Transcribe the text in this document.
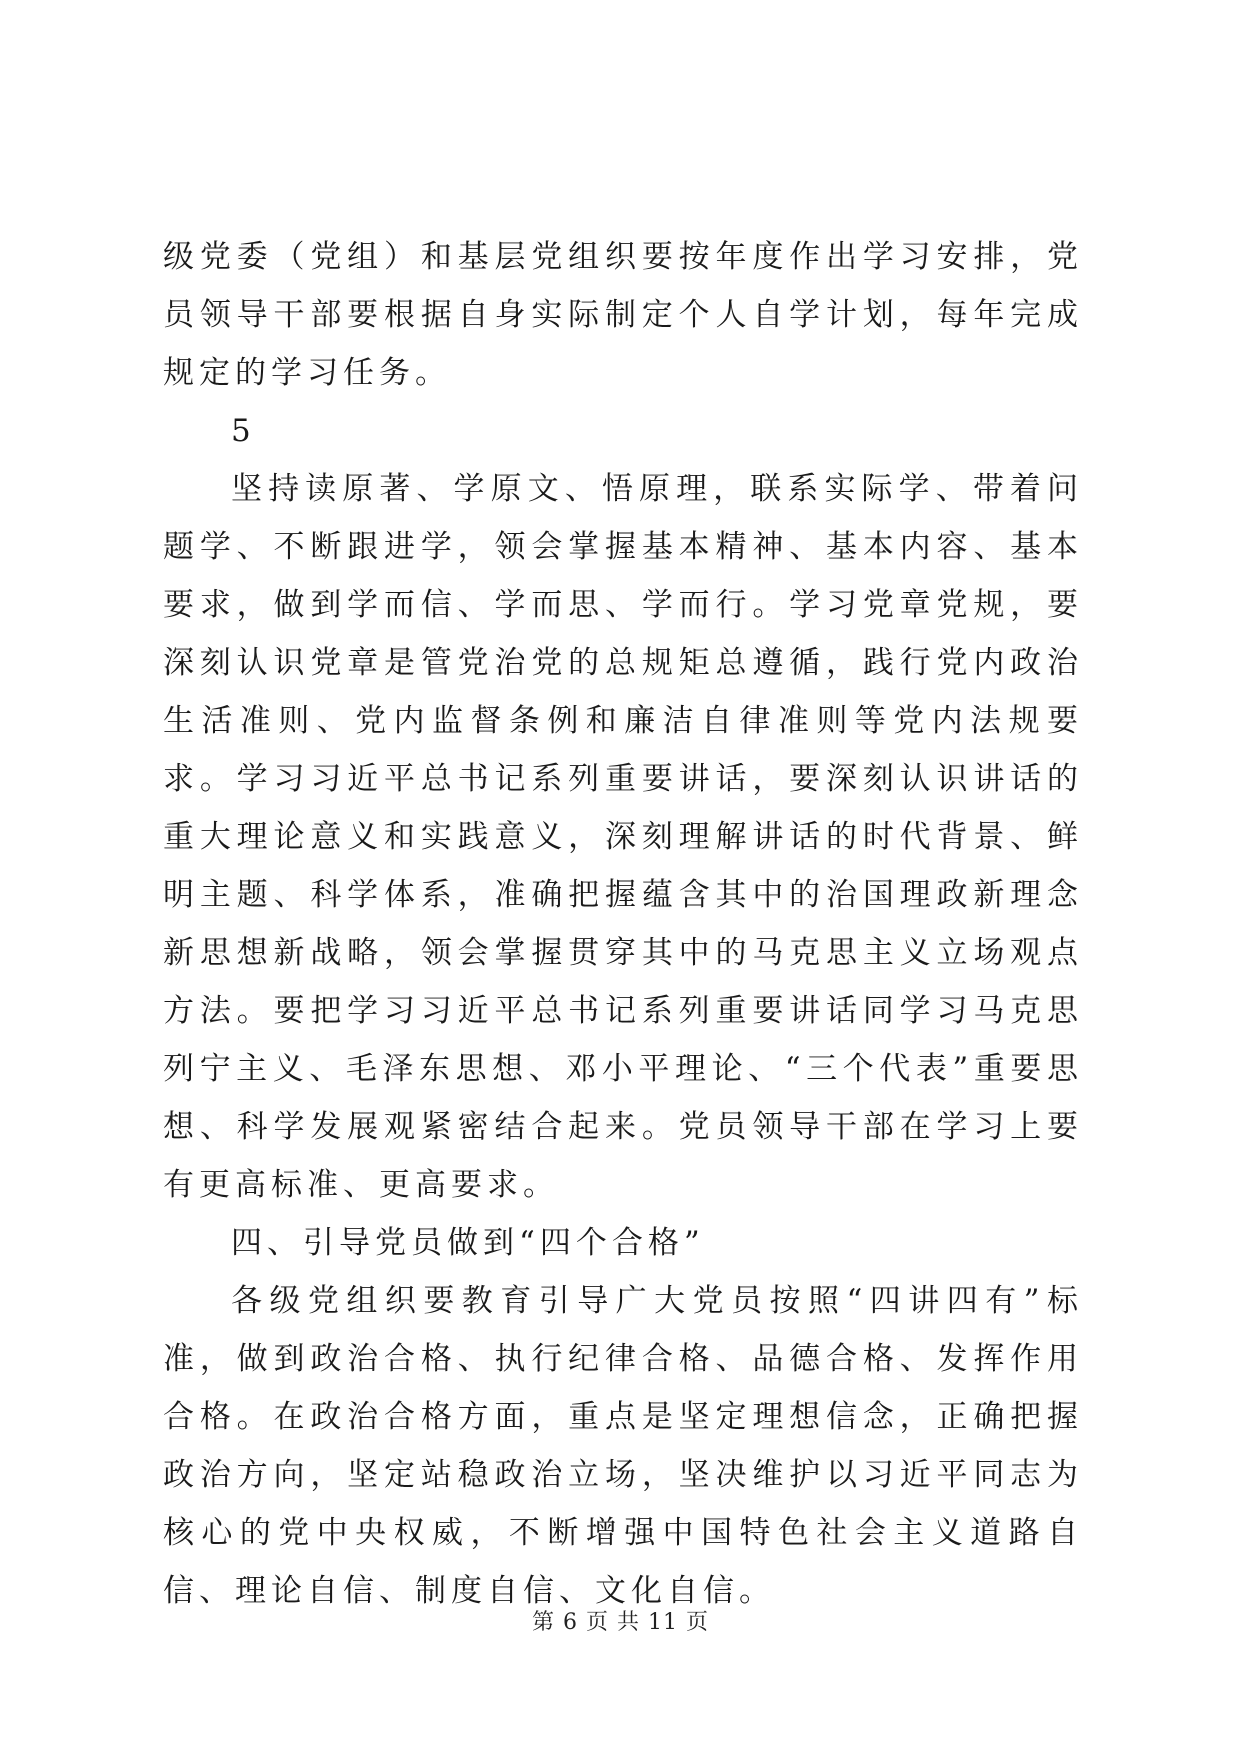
级党委（党组）和基层党组织要按年度作出学习安排，党员领导干部要根据自身实际制定个人自学计划，每年完成规定的学习任务。

5

坚持读原著、学原文、悟原理，联系实际学、带着问题学、不断跟进学，领会掌握基本精神、基本内容、基本要求，做到学而信、学而思、学而行。学习党章党规，要深刻认识党章是管党治党的总规矩总遵循，践行党内政治生活准则、党内监督条例和廉洁自律准则等党内法规要求。学习习近平总书记系列重要讲话，要深刻认识讲话的重大理论意义和实践意义，深刻理解讲话的时代背景、鲜明主题、科学体系，准确把握蕴含其中的治国理政新理念新思想新战略，领会掌握贯穿其中的马克思主义立场观点方法。要把学习习近平总书记系列重要讲话同学习马克思列宁主义、毛泽东思想、邓小平理论、“三个代表”重要思想、科学发展观紧密结合起来。党员领导干部在学习上要有更高标准、更高要求。

四、引导党员做到“四个合格”

各级党组织要教育引导广大党员按照“四讲四有”标准，做到政治合格、执行纪律合格、品德合格、发挥作用合格。在政治合格方面，重点是坚定理想信念，正确把握政治方向，坚定站稳政治立场，坚决维护以习近平同志为核心的党中央权威，不断增强中国特色社会主义道路自信、理论自信、制度自信、文化自信。

第 6 页 共 11 页
